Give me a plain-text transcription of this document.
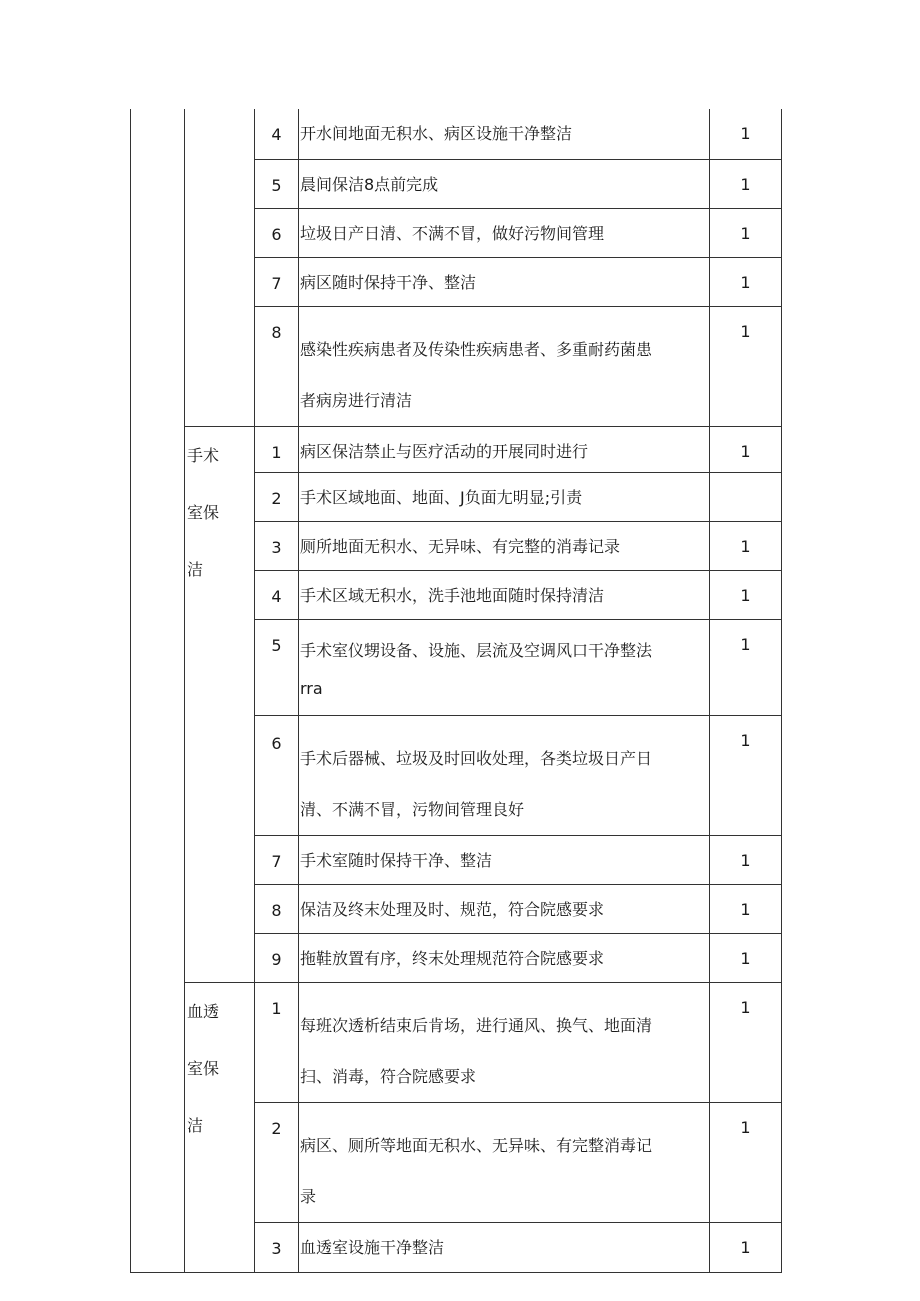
		4	开水间地面无积水、病区设施干净整洁	1
		5	晨间保洁8点前完成	1
		6	垃圾日产日清、不满不冒，做好污物间管理	1
		7	病区随时保持干净、整洁	1
		8	感染性疾病患者及传染性疾病患者、多重耐药菌患者病房进行清洁	1

	手术室保洁	1	病区保洁禁止与医疗活动的开展同时进行	1
		2	手术区域地面、地面、J负面尢明显;引责	
		3	厕所地面无积水、无异味、有完整的消毒记录	1
		4	手术区域无积水，洗手池地面随时保持清洁	1
		5	手术室仪甥设备、设施、层流及空调风口干净整法rra	1
		6	手术后器械、垃圾及时回收处理，各类垃圾日产日清、不满不冒，污物间管理良好	1
		7	手术室随时保持干净、整洁	1
		8	保洁及终末处理及时、规范，符合院感要求	1
		9	拖鞋放置有序，终末处理规范符合院感要求	1

	血透室保洁	1	每班次透析结束后肯场，进行通风、换气、地面清扫、消毒，符合院感要求	1
		2	病区、厕所等地面无积水、无异味、有完整消毒记录	1
		3	血透室设施干净整洁	1
